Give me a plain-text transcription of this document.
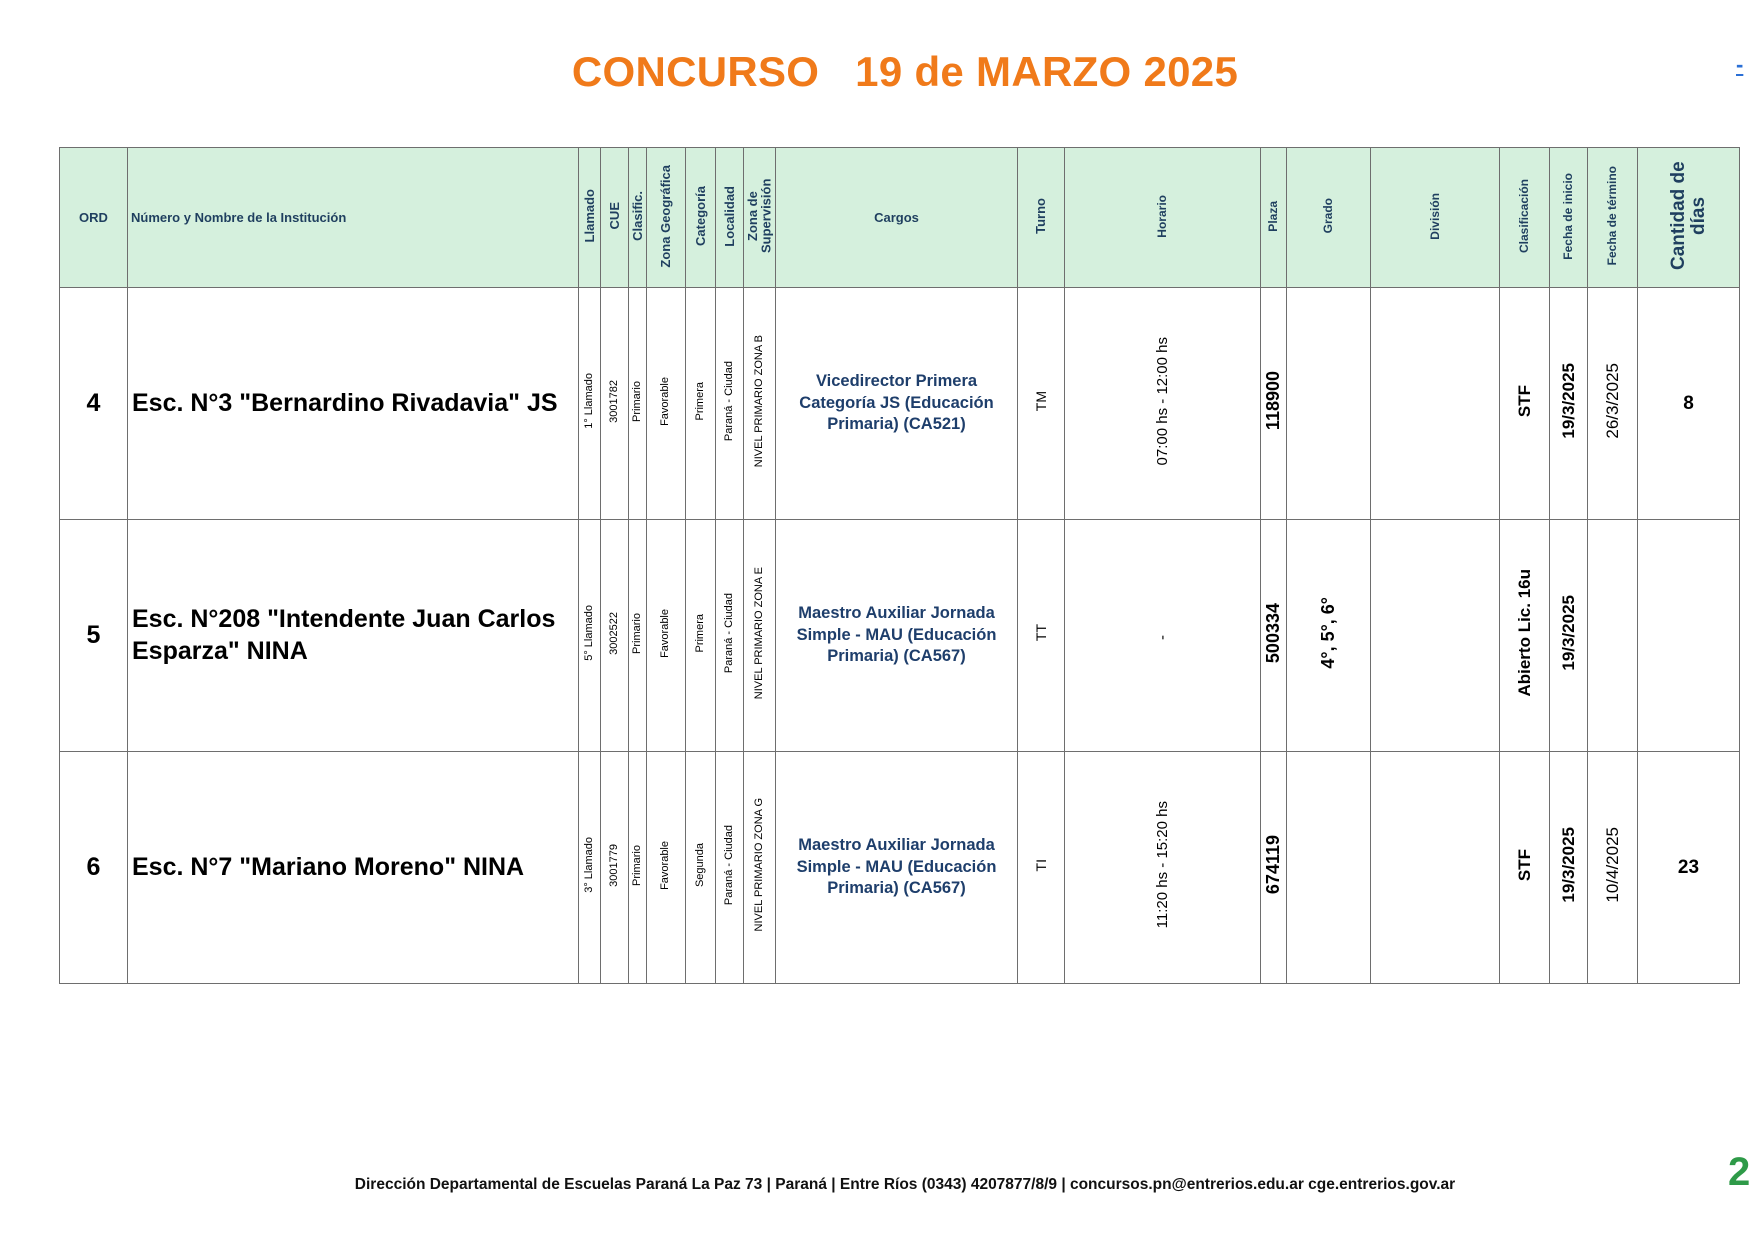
CONCURSO   19 de MARZO 2025	-
ORD	Número y Nombre de la Institución	Llamado	CUE	Clasific.	Zona Geográfica	Categoría	Localidad	Zona de Supervisión	Cargos	Turno	Horario	Plaza	Grado	División	Clasificación	Fecha de inicio	Fecha de término	Cantidad de días
4	Esc. N°3 "Bernardino Rivadavia" JS	1° Llamado	3001782	Primario	Favorable	Primera	Paraná - Ciudad	NIVEL PRIMARIO ZONA B	Vicedirector Primera Categoría JS (Educación Primaria) (CA521)	TM	07:00 hs - 12:00 hs	118900			STF	19/3/2025	26/3/2025	8
5	Esc. N°208 "Intendente Juan Carlos Esparza" NINA	5° Llamado	3002522	Primario	Favorable	Primera	Paraná - Ciudad	NIVEL PRIMARIO ZONA E	Maestro Auxiliar Jornada Simple - MAU (Educación Primaria) (CA567)	TT	-	500334	4°, 5°, 6°		Abierto Lic. 16u	19/3/2025		
6	Esc. N°7 "Mariano Moreno" NINA	3° Llamado	3001779	Primario	Favorable	Segunda	Paraná - Ciudad	NIVEL PRIMARIO ZONA G	Maestro Auxiliar Jornada Simple - MAU (Educación Primaria) (CA567)	TI	11:20 hs - 15:20 hs	674119			STF	19/3/2025	10/4/2025	23
Dirección Departamental de Escuelas Paraná La Paz 73 | Paraná | Entre Ríos (0343) 4207877/8/9 | concursos.pn@entrerios.edu.ar cge.entrerios.gov.ar	2
